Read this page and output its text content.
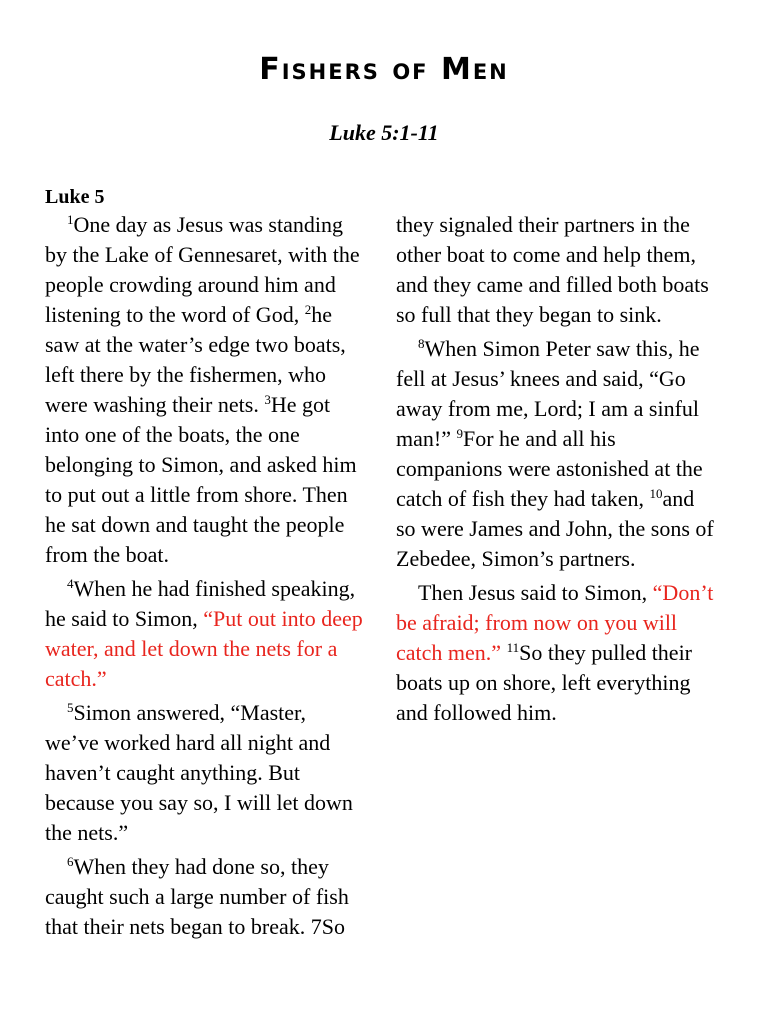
Fishers of Men
Luke 5:1-11
Luke 5

$^1$One day as Jesus was standing by the Lake of Gennesaret, with the people crowding around him and listening to the word of God, $^2$he saw at the water’s edge two boats, left there by the fishermen, who were washing their nets. $^3$He got into one of the boats, the one belonging to Simon, and asked him to put out a little from shore. Then he sat down and taught the people from the boat.

$^4$When he had finished speaking, he said to Simon, “Put out into deep water, and let down the nets for a catch.”

$^5$Simon answered, “Master, we’ve worked hard all night and haven’t caught anything. But because you say so, I will let down the nets.”

$^6$When they had done so, they caught such a large number of fish that their nets began to break. 7So

they signaled their partners in the other boat to come and help them, and they came and filled both boats so full that they began to sink.

$^8$When Simon Peter saw this, he fell at Jesus’ knees and said, “Go away from me, Lord; I am a sinful man!” $^9$For he and all his companions were astonished at the catch of fish they had taken, $^{10}$and so were James and John, the sons of Zebedee, Simon’s partners.

Then Jesus said to Simon, “Don’t be afraid; from now on you will catch men.” $^{11}$So they pulled their boats up on shore, left everything and followed him.
